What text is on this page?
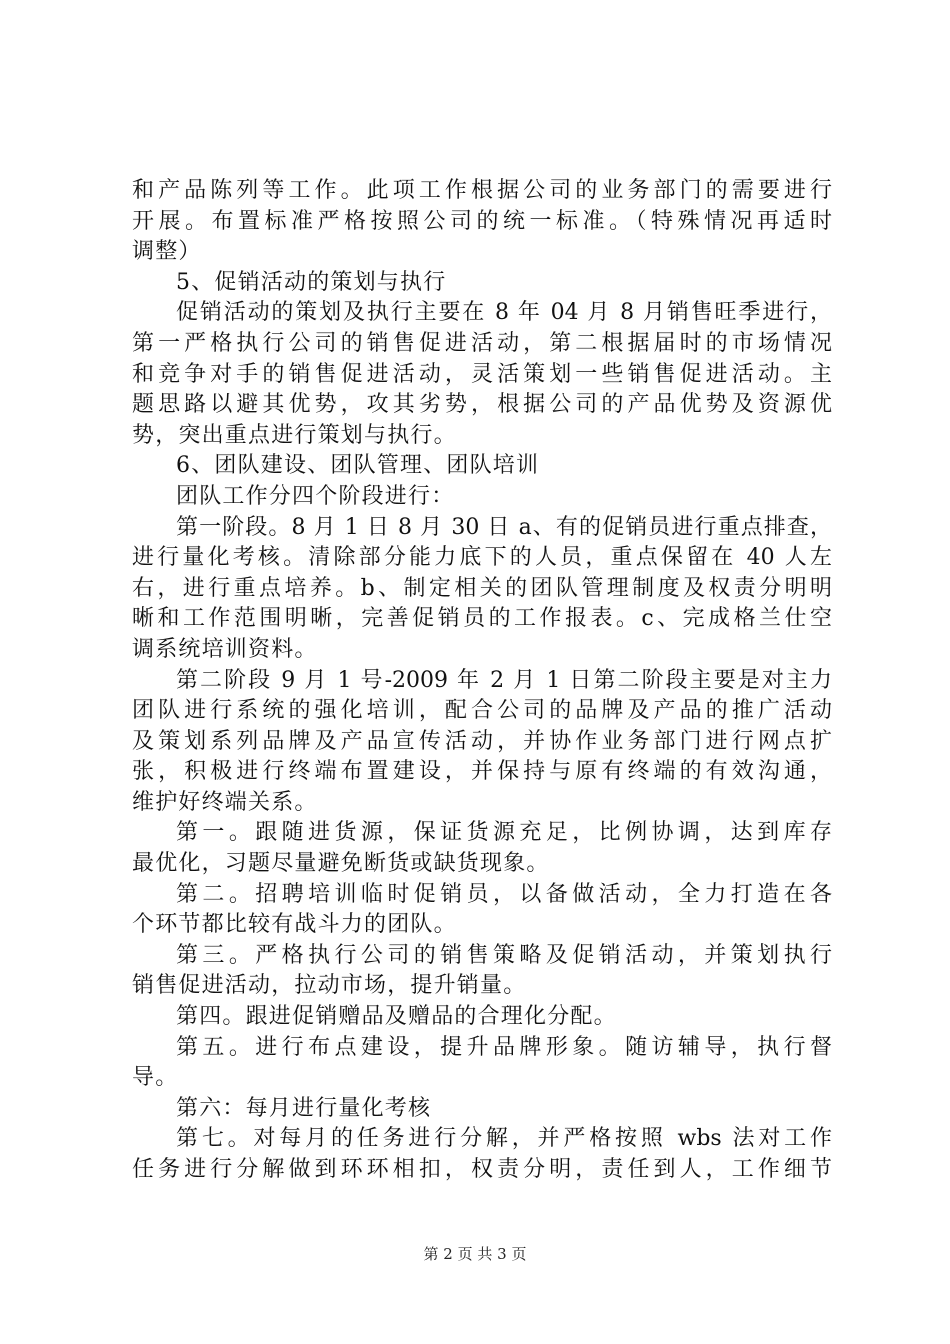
和产品陈列等工作。此项工作根据公司的业务部门的需要进行
开展。布置标准严格按照公司的统一标准。（特殊情况再适时
调整）
5、促销活动的策划与执行
促销活动的策划及执行主要在 8 年 04 月 8 月销售旺季进行，
第一严格执行公司的销售促进活动，第二根据届时的市场情况
和竞争对手的销售促进活动，灵活策划一些销售促进活动。主
题思路以避其优势，攻其劣势，根据公司的产品优势及资源优
势，突出重点进行策划与执行。
6、团队建设、团队管理、团队培训
团队工作分四个阶段进行：
第一阶段。8 月 1 日 8 月 30 日 a、有的促销员进行重点排查，
进行量化考核。清除部分能力底下的人员，重点保留在 40 人左
右，进行重点培养。b、制定相关的团队管理制度及权责分明明
晰和工作范围明晰，完善促销员的工作报表。c、完成格兰仕空
调系统培训资料。
第二阶段 9 月 1 号-2009 年 2 月 1 日第二阶段主要是对主力
团队进行系统的强化培训，配合公司的品牌及产品的推广活动
及策划系列品牌及产品宣传活动，并协作业务部门进行网点扩
张，积极进行终端布置建设，并保持与原有终端的有效沟通，
维护好终端关系。
第一。跟随进货源，保证货源充足，比例协调，达到库存
最优化，习题尽量避免断货或缺货现象。
第二。招聘培训临时促销员，以备做活动，全力打造在各
个环节都比较有战斗力的团队。
第三。严格执行公司的销售策略及促销活动，并策划执行
销售促进活动，拉动市场，提升销量。
第四。跟进促销赠品及赠品的合理化分配。
第五。进行布点建设，提升品牌形象。随访辅导，执行督
导。
第六：每月进行量化考核
第七。对每月的任务进行分解，并严格按照 wbs 法对工作
任务进行分解做到环环相扣，权责分明，责任到人，工作细节
第 2 页 共 3 页
